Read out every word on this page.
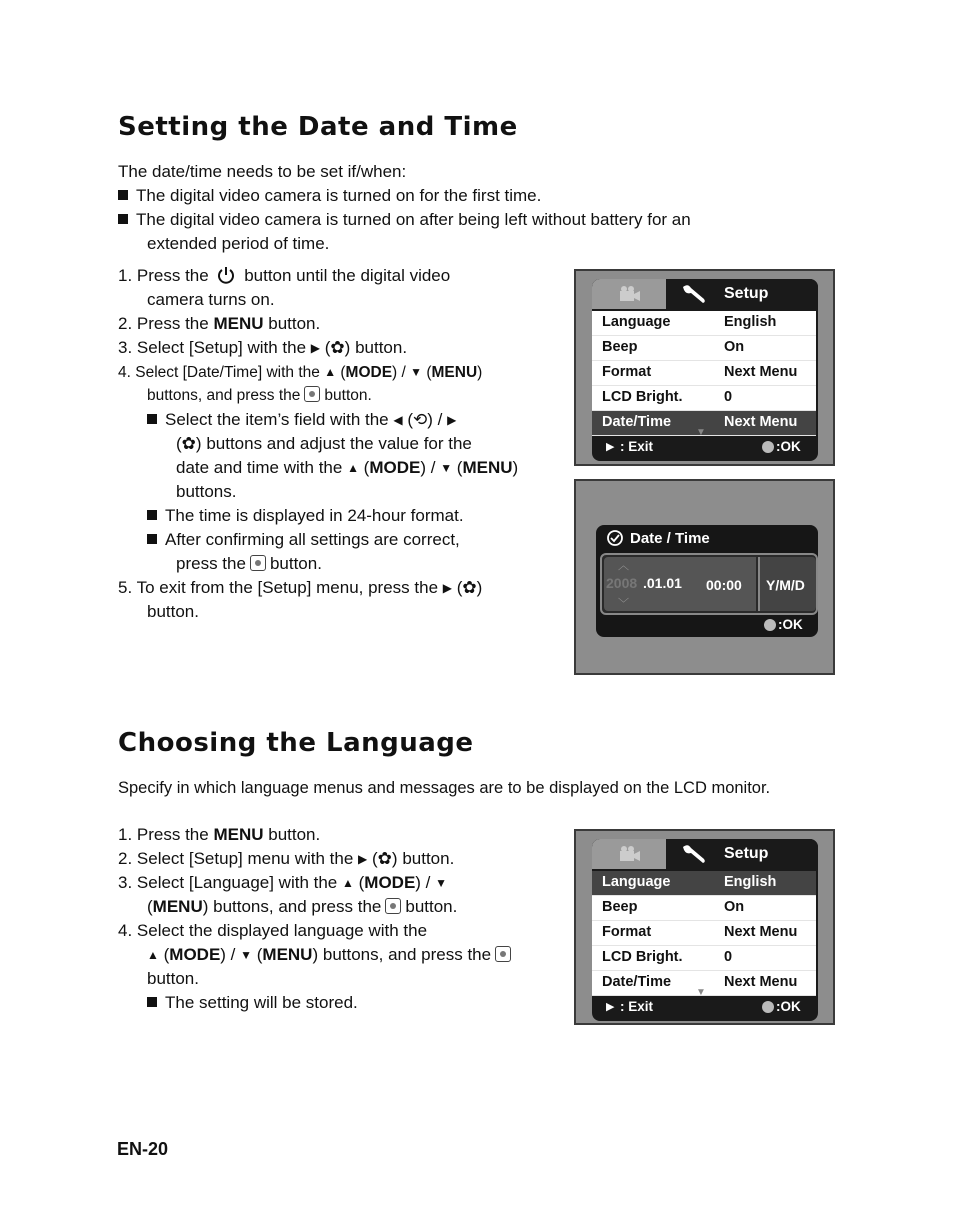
Setting the Date and Time
The date/time needs to be set if/when:
The digital video camera is turned on for the first time.
The digital video camera is turned on after being left without battery for an
extended period of time.
1. Press the button until the digital video
camera turns on.
2. Press the MENU button.
3. Select [Setup] with the ▶ (✿) button.
4. Select [Date/Time] with the ▲ (MODE) / ▼ (MENU)
buttons, and press the button.
Select the item’s field with the ◀ (⟲) / ▶
(✿) buttons and adjust the value for the
date and time with the ▲ (MODE) / ▼ (MENU)
buttons.
The time is displayed in 24-hour format.
After confirming all settings are correct,
press the button.
5. To exit from the [Setup] menu, press the ▶ (✿)
button.
Setup
Language	English
Beep	On
Format	Next Menu
LCD Bright.	0
Date/Time	Next Menu
▼
▶ : Exit	:OK
Date / Time
︿
﹀
2008 .01.01 00:00 Y/M/D
:OK
Choosing the Language
Specify in which language menus and messages are to be displayed on the LCD monitor.
1. Press the MENU button.
2. Select [Setup] menu with the ▶ (✿) button.
3. Select [Language] with the ▲ (MODE) / ▼
(MENU) buttons, and press the button.
4. Select the displayed language with the
▲ (MODE) / ▼ (MENU) buttons, and press the
button.
The setting will be stored.
Setup
Language	English
Beep	On
Format	Next Menu
LCD Bright.	0
Date/Time	Next Menu
▼
▶ : Exit	:OK
EN-20
